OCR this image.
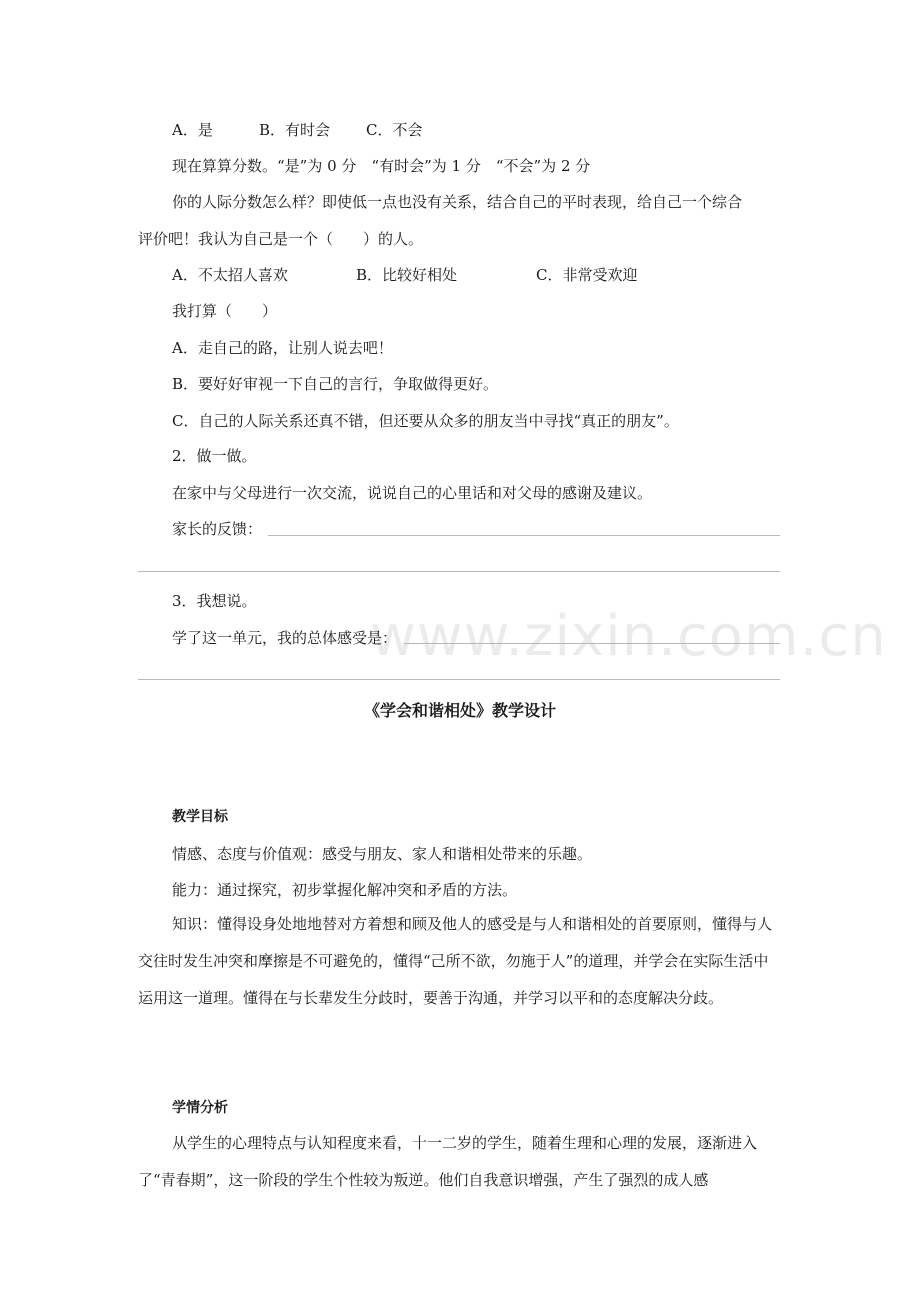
www.zixin.com.cn
A．是	B．有时会 C．不会
现在算算分数。“是”为 0 分　“有时会”为 1 分　“不会”为 2 分
你的人际分数怎么样？即使低一点也没有关系，结合自己的平时表现，给自己一个综合
评价吧！我认为自己是一个（　　）的人。
A．不太招人喜欢	B．比较好相处	C．非常受欢迎
我打算（　　）
A．走自己的路，让别人说去吧！
B．要好好审视一下自己的言行，争取做得更好。
C．自己的人际关系还真不错，但还要从众多的朋友当中寻找“真正的朋友”。
2．做一做。
在家中与父母进行一次交流，说说自己的心里话和对父母的感谢及建议。
家长的反馈：
3．我想说。
学了这一单元，我的总体感受是：
《学会和谐相处》教学设计
教学目标
情感、态度与价值观：感受与朋友、家人和谐相处带来的乐趣。
能力：通过探究，初步掌握化解冲突和矛盾的方法。
知识：懂得设身处地地替对方着想和顾及他人的感受是与人和谐相处的首要原则，懂得与人交往时发生冲突和摩擦是不可避免的，懂得“己所不欲，勿施于人”的道理，并学会在实际生活中运用这一道理。懂得在与长辈发生分歧时，要善于沟通，并学习以平和的态度解决分歧。
学情分析
从学生的心理特点与认知程度来看，十一二岁的学生，随着生理和心理的发展，逐渐进入了“青春期”，这一阶段的学生个性较为叛逆。他们自我意识增强，产生了强烈的成人感
